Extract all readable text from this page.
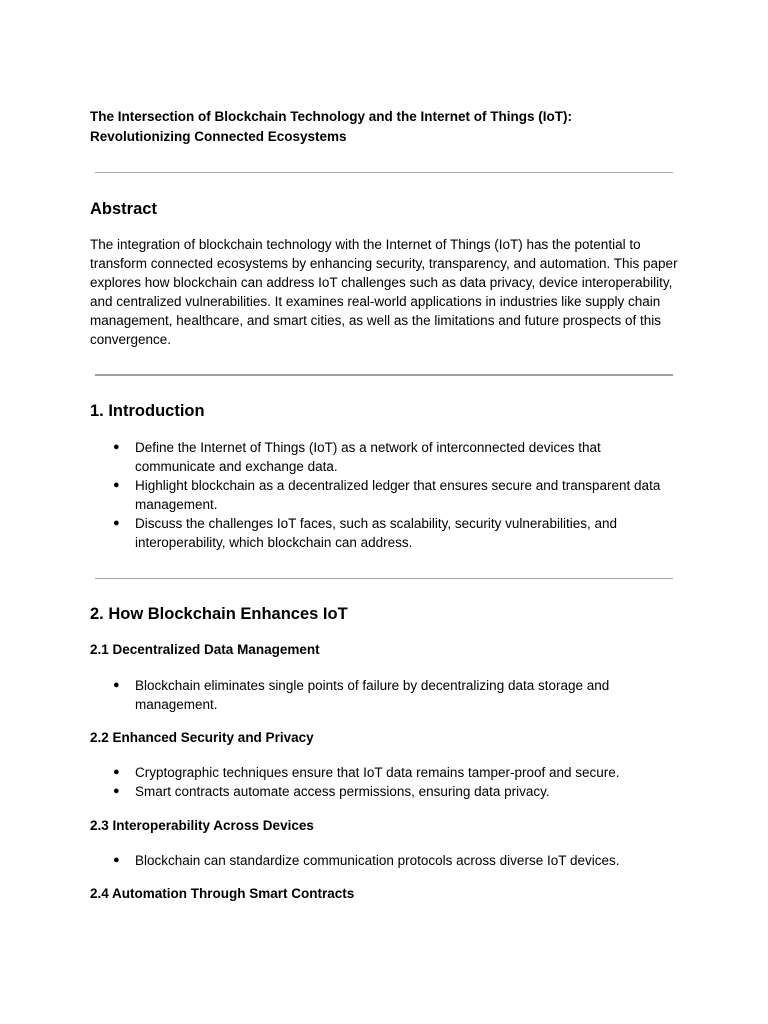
The Intersection of Blockchain Technology and the Internet of Things (IoT):
Revolutionizing Connected Ecosystems
Abstract

The integration of blockchain technology with the Internet of Things (IoT) has the potential to transform connected ecosystems by enhancing security, transparency, and automation. This paper explores how blockchain can address IoT challenges such as data privacy, device interoperability, and centralized vulnerabilities. It examines real-world applications in industries like supply chain management, healthcare, and smart cities, as well as the limitations and future prospects of this convergence.

1. Introduction
● Define the Internet of Things (IoT) as a network of interconnected devices that communicate and exchange data.
● Highlight blockchain as a decentralized ledger that ensures secure and transparent data management.
● Discuss the challenges IoT faces, such as scalability, security vulnerabilities, and interoperability, which blockchain can address.
2. How Blockchain Enhances IoT
2.1 Decentralized Data Management
● Blockchain eliminates single points of failure by decentralizing data storage and management.
2.2 Enhanced Security and Privacy
● Cryptographic techniques ensure that IoT data remains tamper-proof and secure.
● Smart contracts automate access permissions, ensuring data privacy.
2.3 Interoperability Across Devices
● Blockchain can standardize communication protocols across diverse IoT devices.
2.4 Automation Through Smart Contracts
